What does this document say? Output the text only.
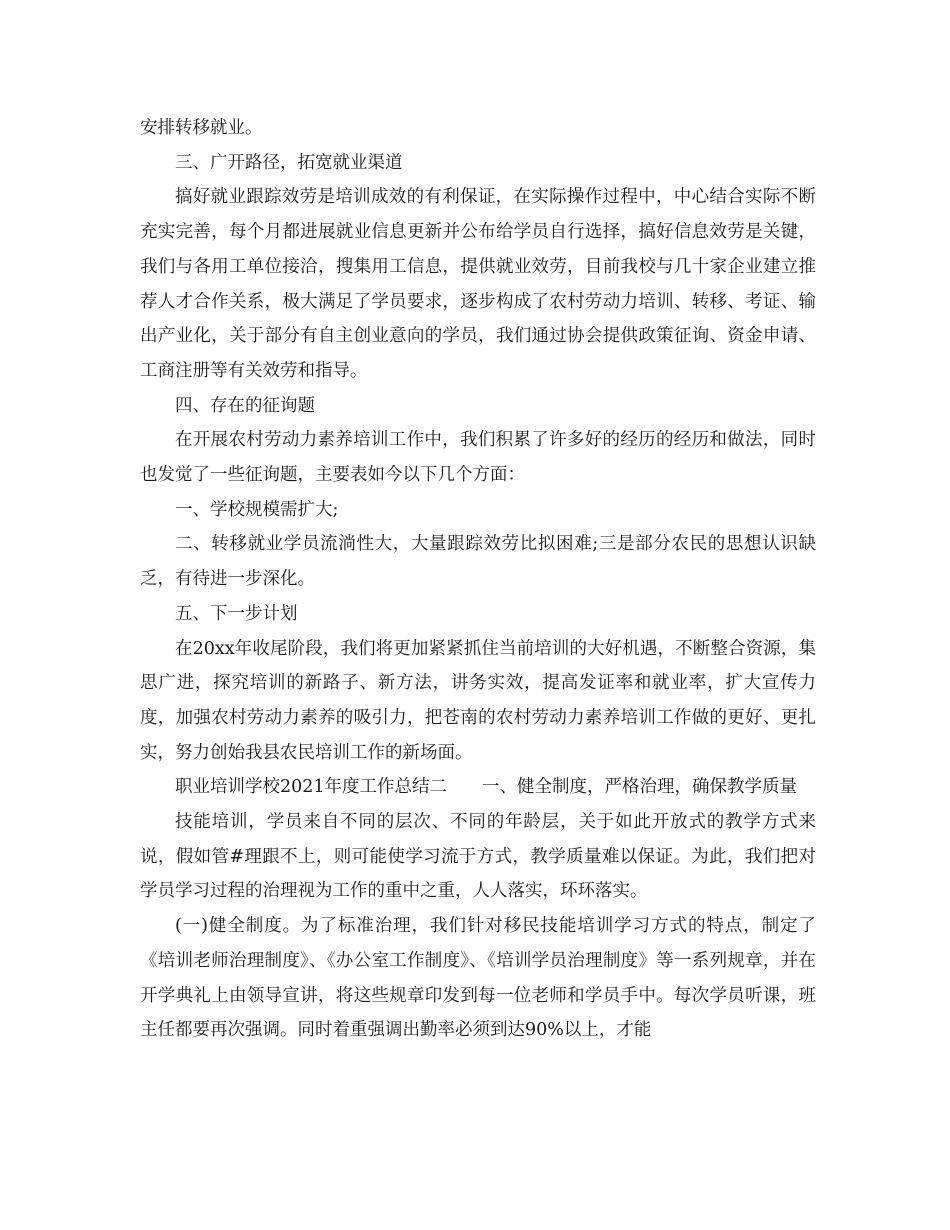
安排转移就业。

三、广开路径，拓宽就业渠道

搞好就业跟踪效劳是培训成效的有利保证，在实际操作过程中，中心结合实际不断充实完善，每个月都进展就业信息更新并公布给学员自行选择，搞好信息效劳是关键，我们与各用工单位接洽，搜集用工信息，提供就业效劳，目前我校与几十家企业建立推荐人才合作关系，极大满足了学员要求，逐步构成了农村劳动力培训、转移、考证、输出产业化，关于部分有自主创业意向的学员，我们通过协会提供政策征询、资金申请、工商注册等有关效劳和指导。

四、存在的征询题

在开展农村劳动力素养培训工作中，我们积累了许多好的经历的经历和做法，同时也发觉了一些征询题，主要表如今以下几个方面：

一、学校规模需扩大;

二、转移就业学员流淌性大，大量跟踪效劳比拟困难;三是部分农民的思想认识缺乏，有待进一步深化。

五、下一步计划

在20xx年收尾阶段，我们将更加紧紧抓住当前培训的大好机遇，不断整合资源，集思广进，探究培训的新路子、新方法，讲务实效，提高发证率和就业率，扩大宣传力度，加强农村劳动力素养的吸引力，把苍南的农村劳动力素养培训工作做的更好、更扎实，努力创始我县农民培训工作的新场面。

职业培训学校2021年度工作总结二　　一、健全制度，严格治理，确保教学质量

技能培训，学员来自不同的层次、不同的年龄层，关于如此开放式的教学方式来说，假如管#理跟不上，则可能使学习流于方式，教学质量难以保证。为此，我们把对学员学习过程的治理视为工作的重中之重，人人落实，环环落实。

(一)健全制度。为了标准治理，我们针对移民技能培训学习方式的特点，制定了《培训老师治理制度》、《办公室工作制度》、《培训学员治理制度》等一系列规章，并在开学典礼上由领导宣讲，将这些规章印发到每一位老师和学员手中。每次学员听课，班主任都要再次强调。同时着重强调出勤率必须到达90%以上，才能
